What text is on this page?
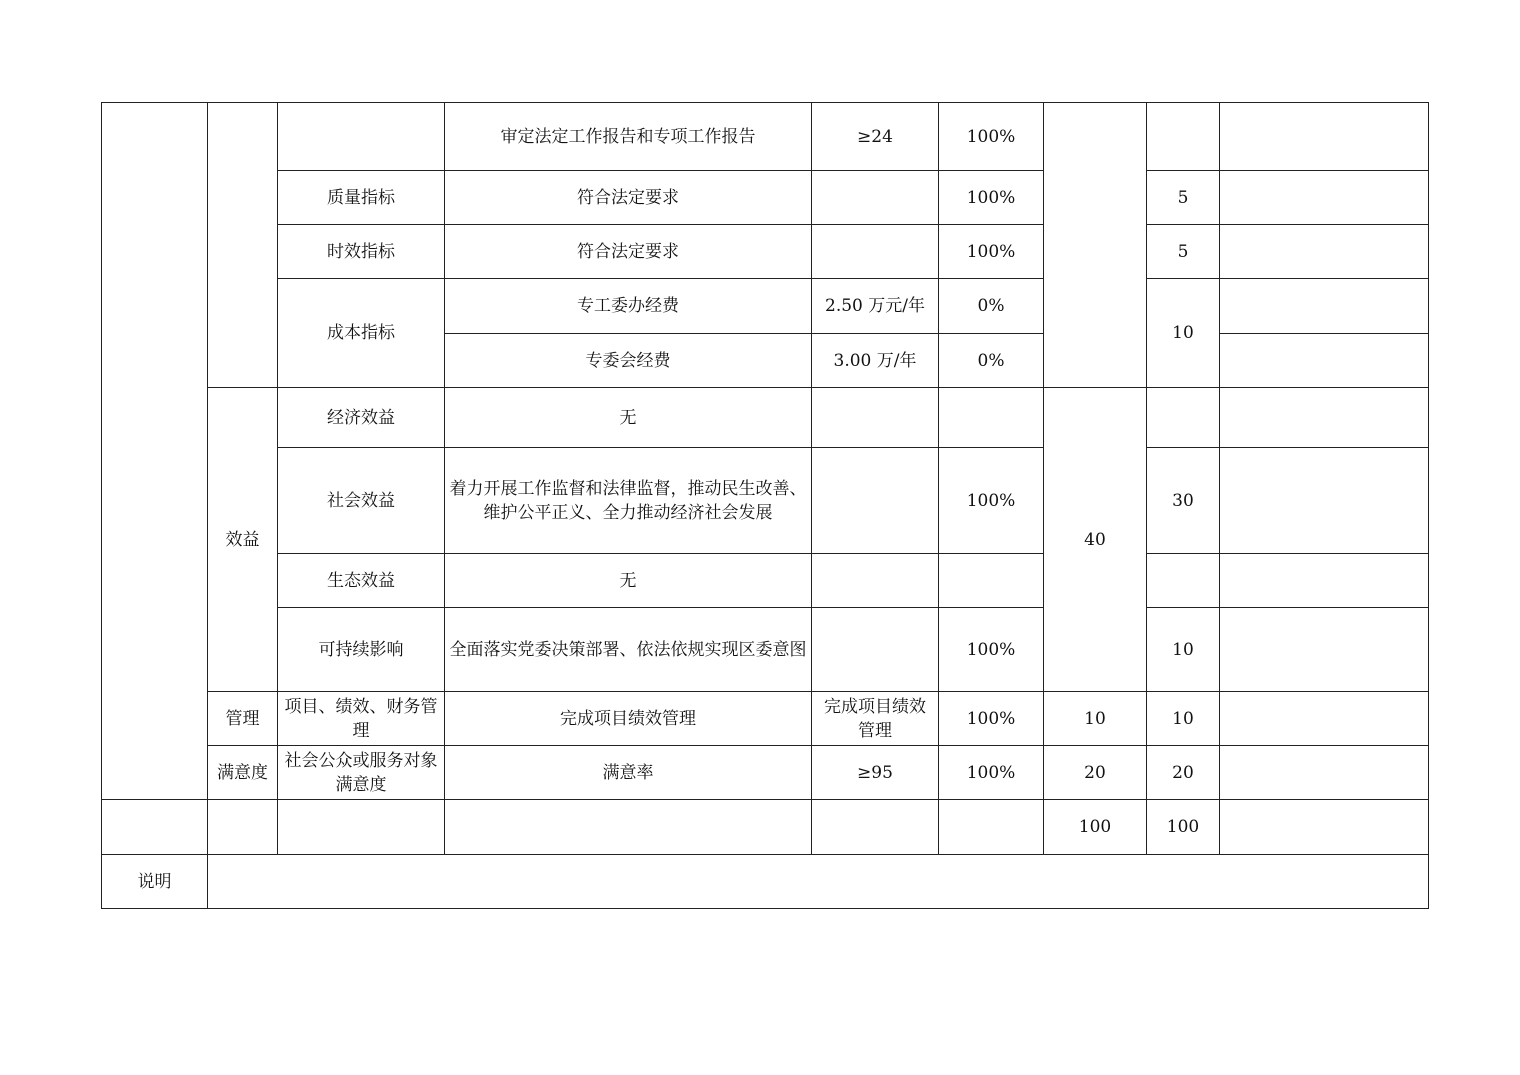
			审定法定工作报告和专项工作报告	≥24	100%			
		质量指标	符合法定要求		100%		5	
		时效指标	符合法定要求		100%		5	
		成本指标	专工委办经费	2.50 万元/年	0%		10	
			专委会经费	3.00 万/年	0%			
	效益	经济效益	无			40		
		社会效益	着力开展工作监督和法律监督，推动民生改善、维护公平正义、全力推动经济社会发展		100%		30	
		生态效益	无					
		可持续影响	全面落实党委决策部署、依法依规实现区委意图		100%		10	
	管理	项目、绩效、财务管理	完成项目绩效管理	完成项目绩效管理	100%	10	10	
	满意度	社会公众或服务对象满意度	满意率	≥95	100%	20	20	
						100	100	
说明								
